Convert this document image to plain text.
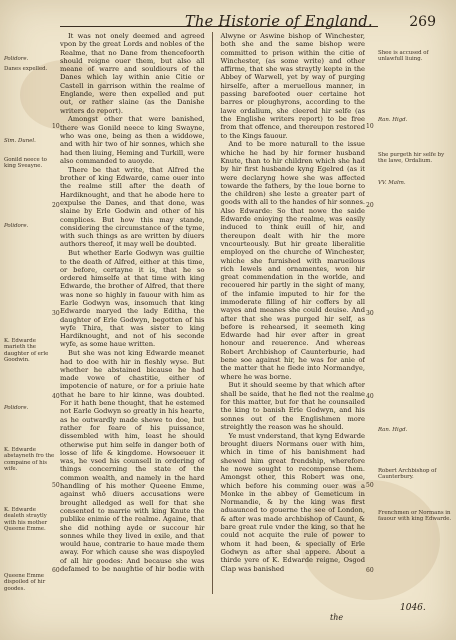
The Historie of England.	269

It was not onely deemed and agreed vpon by the great Lords and nobles of the Realme, that no Dane from thencefoorth should reigne ouer them, but also all meane of warre and souldiours of the Danes which lay within anie Citie or Castell in garrison within the realme of Englande, were then expelled and put out, or rather slaine (as the Danishe writers do report).

Amongst other that were banished, there was Gonild neece to king Swayne, who was one, being as then a widdowe, and with hir two of hir sonnes, which she had then liuing, Heming and Turkill, were also commanded to auoyde.

There be that write, that Alfred the brother of king Edwarde, came ouer into the realme still after the death of Hardiknought, and that he abode here to expulse the Danes, and that done, was slaine by Erle Godwin and other of his complices. But how this may stande, considering the circumstance of the tyme, with such things as are written by diuers authors thereof, it may well be doubted.

But whether Earle Godwyn was guiltie to the death of Alfred, either at this time, or before, certayne it is, that he so ordered himselfe at that time with king Edwarde, the brother of Alfred, that there was none so highly in fauour with him as Earle Godwyn was, insomuch that king Edwarde maryed the lady Editha, the daughter of Erle Godwyn, begotten of his wyfe Thira, that was sister to king Hardiknought, and not of his seconde wyfe, as some haue written.

But she was not king Edwarde meanet had to doe with hir in fleshly wyse. But whether he abstained bicause he had made vowe of chastitie, either of impotencie of nature, or for a priuie hate that he bare to hir kinne, was doubted. For it hath bene thought, that he estemed not Earle Godwyn so greatly in his hearte, as he outwardly made shewe to doe, but rather for feare of his puissance, dissembled with him, least he should otherwise put him selfe in danger both of losse of life & kingdome. Howsoeuer it was, he vsed his counsell in ordering of things concerning the state of the common wealth, and namely in the hard handling of his mother Queene Emme, against whō diuers accusations were brought alledged as well for that she consented to marrie with king Knute the publike enimie of the realme. Againe, that she did nothing ayde or succour hir sonnes while they lived in exile, and that would haue, contrarie to haue made them away. For which cause she was dispoyled of all hir goodes: And because she was defamed to be naughtie of hir bodie with Alwyne or Aswine bishop of Winchester, both she and the same bishop were committed to prison within the citie of Winchester, (as some write) and other affirme, that she was straytly kepte in the Abbey of Warwell, yet by way of purging hirselfe, after a meruellous manner, in passing barefooted ouer certaine hot barres or ploughyrons, according to the lawe ordalium, she cleered hir selfe (as the Englishe writers report) to be free from that offence, and thereupon restored to the Kings fauour.

And to be more naturall to the issue whiche he had by hir former husband Knute, than to hir children which she had by hir first husbande kyng Egelred (as it were declaryng howe she was affected towarde the fathers, by the loue borne to the children) she leste a greater part of goods with all to the handes of hir sonnes. Also Edwarde: So that nowe the saide Edwarde enioying the realme, was easily induced to think euill of hir, and thereupon dealt with hir the more vncourteously. But hir greate liberalitie employed on the churche of Winchester, whiche she furnished with marueilous rich Iewels and ornamentes, won hir great commendation in the worlde, and recouered hir partly in the sight of many, of the infamie imputed to hir for the immoderate filling of hir coffers by all wayes and meanes she could deuise. And after that she was purged hir self, as before is rehearsed, it seemeth king Edwarde had hir ever after in great honour and reuerence. And whereas Robert Archbishop of Caunterburie, had bene soe against hir, he was for anie of the matter that he flede into Normandye, where he was borne.

But it should seeme by that which after shall be saide, that he fled not the realme for this matter, but for that he counsailed the king to banish Erle Godwyn, and his sonnes out of the Englishmen more streightly the reason was he should.

Ye must vnderstand, that kyng Edwarde brought diuers Normans ouer with him, which in time of his banishment had shewed him great frendship, wherefore he nowe sought to recompense them. Amongst other, this Robert was one, which before his comming ouer was a Monke in the abbey of Gemeticum in Normandie, & by the king was first aduaunced to gouerne the see of London, & after was made archbishop of Caunt, & bare great rule vnder the king, so that he could not acquite the rule of power to whom it had been, & specially of Erle Godwyn as after shal appere. About a thirde yere of K. Edwarde reigne, Osgod Clap was banished

Polidore.
Danes expelled.
Sim. Dunel.
Gonild neece to king Sveayne.
Polidore.
K. Edwarde marieth the daughter of erle Goodwin.
Polidore.
K. Edwarde abstayneth fro the compaine of his wife.
K. Edwarde dealeth straytly with his mother Queene Emme.
Queene Emme dispoiled of hir goodes.
Shee is accused of unlawfull liuing.
Ran. Higd.
She purgeth hir selfe by the lawe, Ordalium.
VV. Malm.
Ran. Higd.
Robert Archbishop of Caunterbury.
Frenchmen or Normans in fauour with king Edwarde.
10	10
20	20
30	30
40	40
50	50
60	60
1046.
the
